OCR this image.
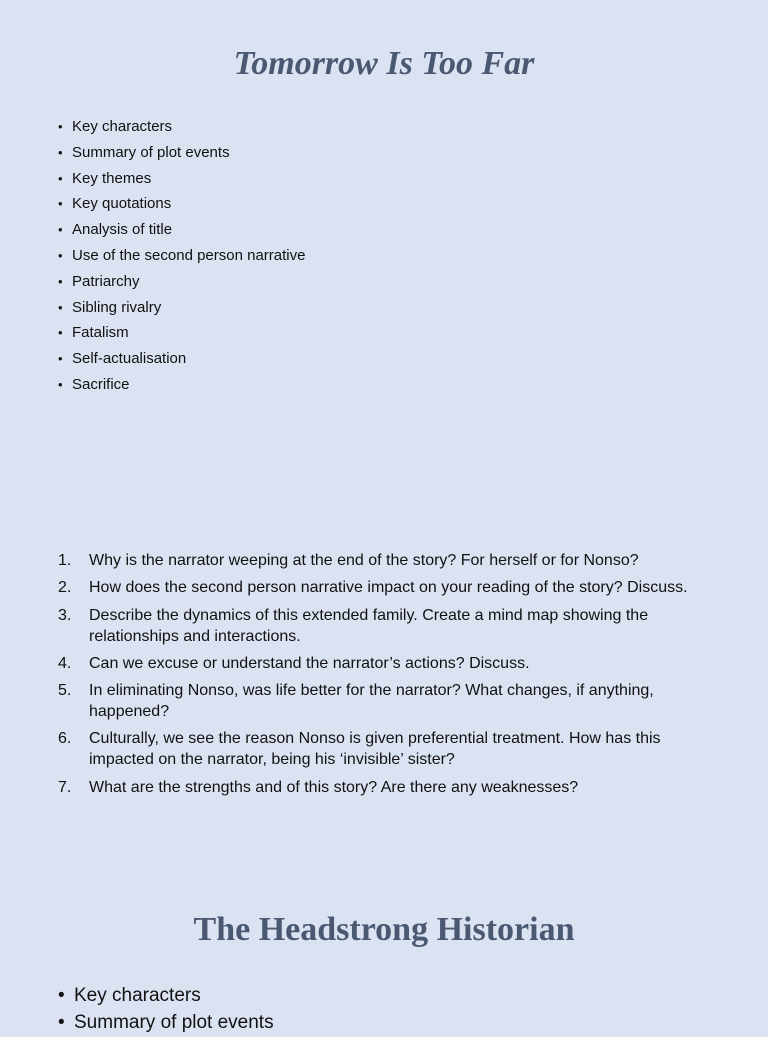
Tomorrow Is Too Far
• Key characters
• Summary of plot events
• Key themes
• Key quotations
• Analysis of title
• Use of the second person narrative
• Patriarchy
• Sibling rivalry
• Fatalism
• Self-actualisation
• Sacrifice
1. Why is the narrator weeping at the end of the story? For herself or for Nonso?
2. How does the second person narrative impact on your reading of the story? Discuss.
3. Describe the dynamics of this extended family. Create a mind map showing the relationships and interactions.
4. Can we excuse or understand the narrator’s actions? Discuss.
5. In eliminating Nonso, was life better for the narrator? What changes, if anything, happened?
6. Culturally, we see the reason Nonso is given preferential treatment. How has this impacted on the narrator, being his ‘invisible’ sister?
7. What are the strengths and of this story? Are there any weaknesses?
The Headstrong Historian
• Key characters
• Summary of plot events
